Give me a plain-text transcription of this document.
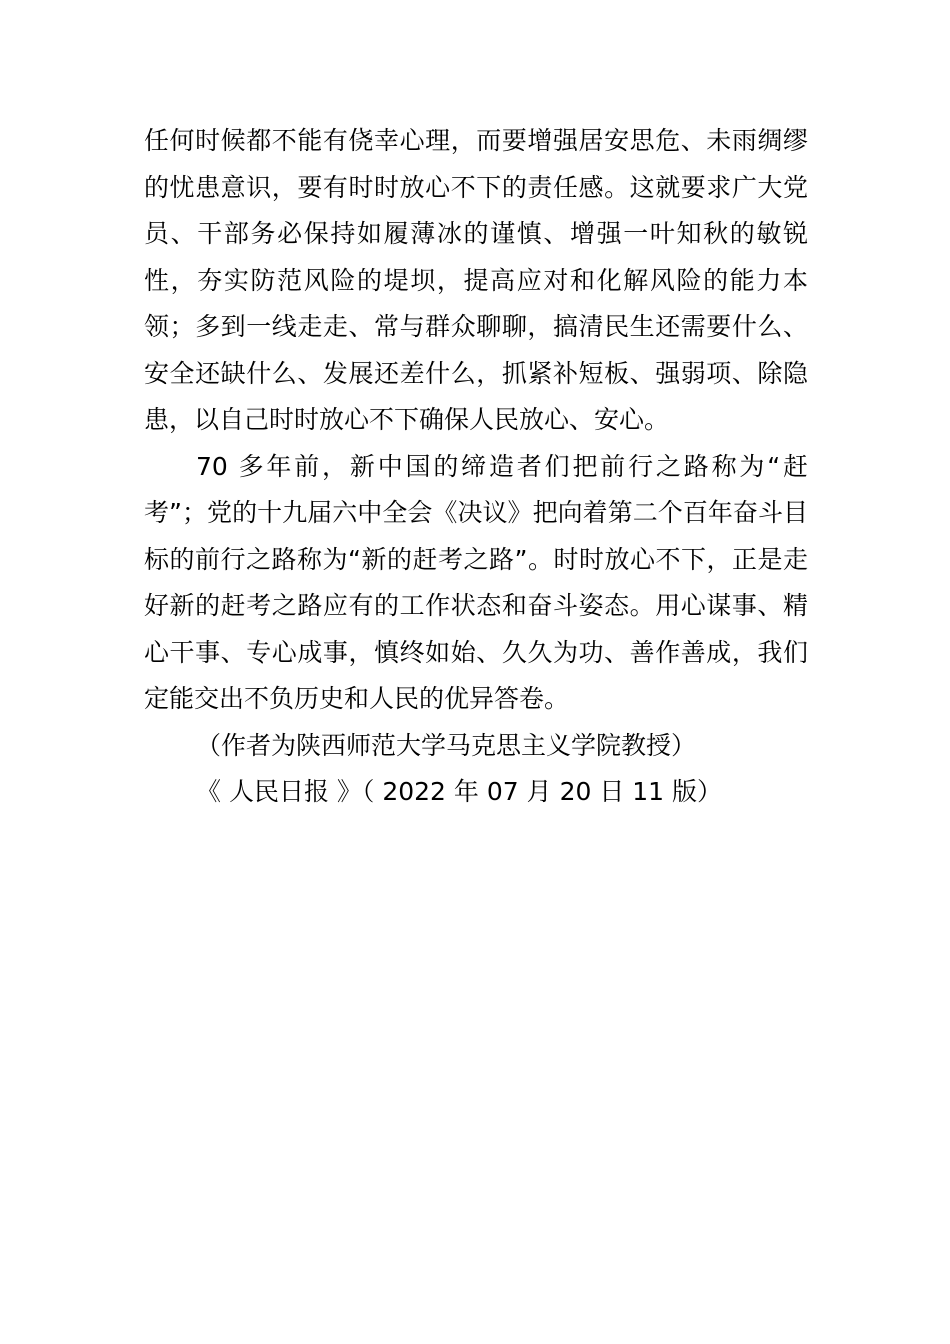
任何时候都不能有侥幸心理，而要增强居安思危、未雨绸缪的忧患意识，要有时时放心不下的责任感。这就要求广大党员、干部务必保持如履薄冰的谨慎、增强一叶知秋的敏锐性，夯实防范风险的堤坝，提高应对和化解风险的能力本领；多到一线走走、常与群众聊聊，搞清民生还需要什么、安全还缺什么、发展还差什么，抓紧补短板、强弱项、除隐患，以自己时时放心不下确保人民放心、安心。

70 多年前，新中国的缔造者们把前行之路称为“赶考”；党的十九届六中全会《决议》把向着第二个百年奋斗目标的前行之路称为“新的赶考之路”。时时放心不下，正是走好新的赶考之路应有的工作状态和奋斗姿态。用心谋事、精心干事、专心成事，慎终如始、久久为功、善作善成，我们定能交出不负历史和人民的优异答卷。

（作者为陕西师范大学马克思主义学院教授）

《 人民日报 》（ 2022 年 07 月 20 日 11 版）
